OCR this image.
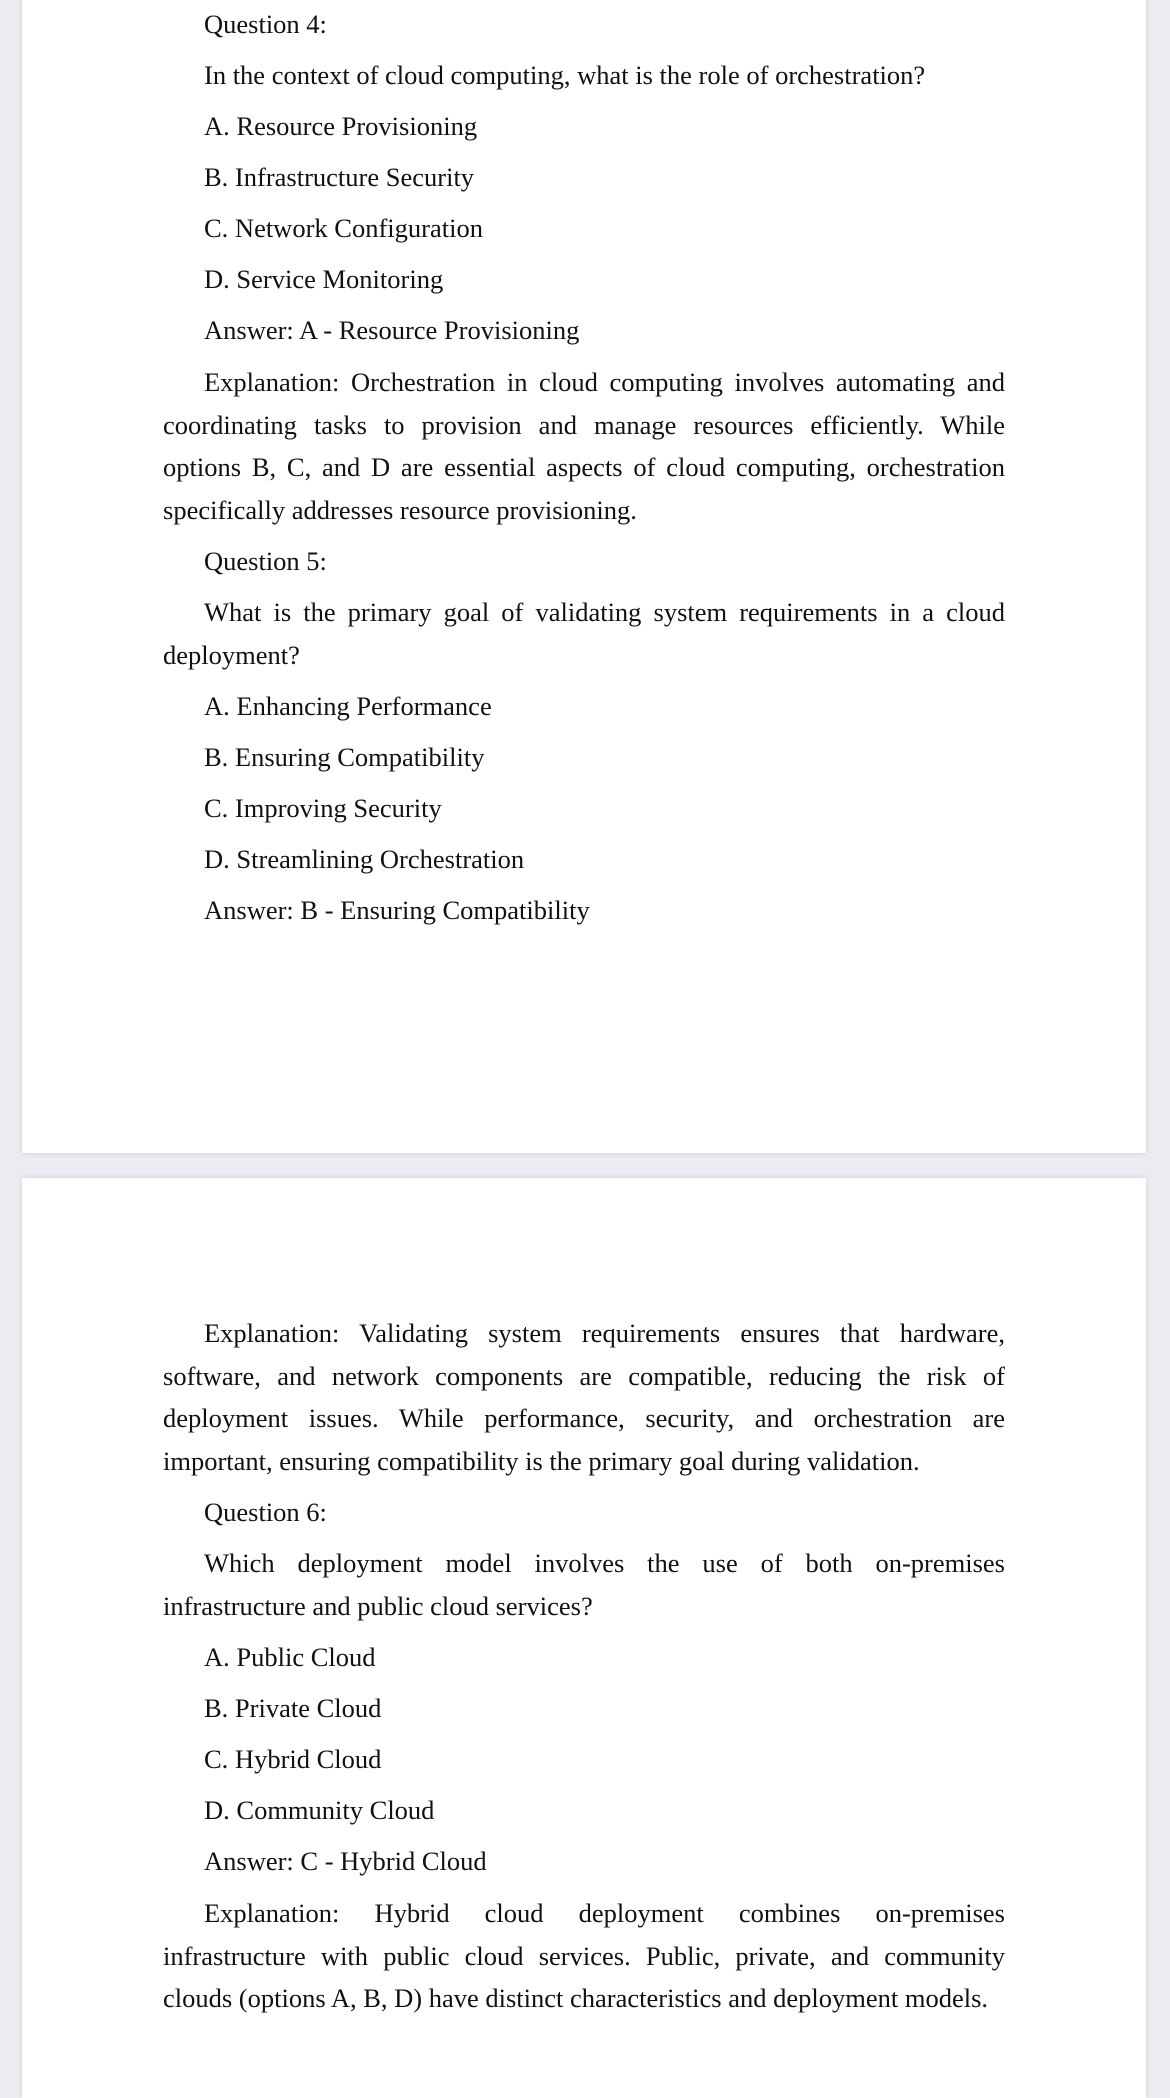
Question 4:

In the context of cloud computing, what is the role of orchestration?

A. Resource Provisioning

B. Infrastructure Security

C. Network Configuration

D. Service Monitoring

Answer: A - Resource Provisioning

Explanation: Orchestration in cloud computing involves automating and coordinating tasks to provision and manage resources efficiently. While options B, C, and D are essential aspects of cloud computing, orchestration specifically addresses resource provisioning.

Question 5:

What is the primary goal of validating system requirements in a cloud deployment?

A. Enhancing Performance

B. Ensuring Compatibility

C. Improving Security

D. Streamlining Orchestration

Answer: B - Ensuring Compatibility

Explanation: Validating system requirements ensures that hardware, software, and network components are compatible, reducing the risk of deployment issues. While performance, security, and orchestration are important, ensuring compatibility is the primary goal during validation.

Question 6:

Which deployment model involves the use of both on-premises infrastructure and public cloud services?

A. Public Cloud

B. Private Cloud

C. Hybrid Cloud

D. Community Cloud

Answer: C - Hybrid Cloud

Explanation: Hybrid cloud deployment combines on-premises infrastructure with public cloud services. Public, private, and community clouds (options A, B, D) have distinct characteristics and deployment models.
